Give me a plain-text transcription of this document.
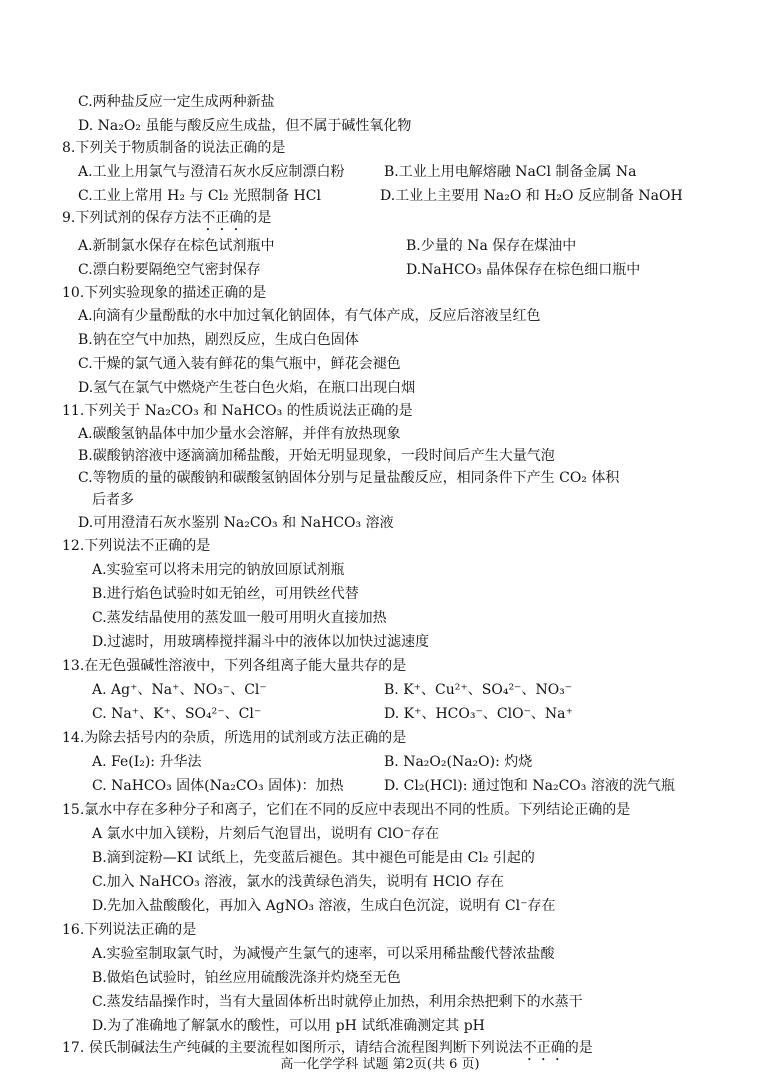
C.两种盐反应一定生成两种新盐
D. Na₂O₂ 虽能与酸反应生成盐，但不属于碱性氧化物
8.下列关于物质制备的说法正确的是
A.工业上用氯气与澄清石灰水反应制漂白粉	B.工业上用电解熔融 NaCl 制备金属 Na
C.工业上常用 H₂ 与 Cl₂ 光照制备 HCl	D.工业上主要用 Na₂O 和 H₂O 反应制备 NaOH
9.下列试剂的保存方法不正确的是
A.新制氯水保存在棕色试剂瓶中	B.少量的 Na 保存在煤油中
C.漂白粉要隔绝空气密封保存	D.NaHCO₃ 晶体保存在棕色细口瓶中
10.下列实验现象的描述正确的是
A.向滴有少量酚酞的水中加过氧化钠固体，有气体产成，反应后溶液呈红色
B.钠在空气中加热，剧烈反应，生成白色固体
C.干燥的氯气通入装有鲜花的集气瓶中，鲜花会褪色
D.氢气在氯气中燃烧产生苍白色火焰，在瓶口出现白烟
11.下列关于 Na₂CO₃ 和 NaHCO₃ 的性质说法正确的是
A.碳酸氢钠晶体中加少量水会溶解，并伴有放热现象
B.碳酸钠溶液中逐滴滴加稀盐酸，开始无明显现象，一段时间后产生大量气泡
C.等物质的量的碳酸钠和碳酸氢钠固体分别与足量盐酸反应，相同条件下产生 CO₂ 体积
后者多
D.可用澄清石灰水鉴别 Na₂CO₃ 和 NaHCO₃ 溶液
12.下列说法不正确的是
A.实验室可以将未用完的钠放回原试剂瓶
B.进行焰色试验时如无铂丝，可用铁丝代替
C.蒸发结晶使用的蒸发皿一般可用明火直接加热
D.过滤时，用玻璃棒搅拌漏斗中的液体以加快过滤速度
13.在无色强碱性溶液中，下列各组离子能大量共存的是
A. Ag⁺、Na⁺、NO₃⁻、Cl⁻	B. K⁺、Cu²⁺、SO₄²⁻、NO₃⁻
C. Na⁺、K⁺、SO₄²⁻、Cl⁻	D. K⁺、HCO₃⁻、ClO⁻、Na⁺
14.为除去括号内的杂质，所选用的试剂或方法正确的是
A. Fe(I₂): 升华法	B. Na₂O₂(Na₂O): 灼烧
C. NaHCO₃ 固体(Na₂CO₃ 固体)：加热	D. Cl₂(HCl): 通过饱和 Na₂CO₃ 溶液的洗气瓶
15.氯水中存在多种分子和离子，它们在不同的反应中表现出不同的性质。下列结论正确的是
A 氯水中加入镁粉，片刻后气泡冒出，说明有 ClO⁻存在
B.滴到淀粉—KI 试纸上，先变蓝后褪色。其中褪色可能是由 Cl₂ 引起的
C.加入 NaHCO₃ 溶液，氯水的浅黄绿色消失，说明有 HClO 存在
D.先加入盐酸酸化，再加入 AgNO₃ 溶液，生成白色沉淀，说明有 Cl⁻存在
16.下列说法正确的是
A.实验室制取氯气时，为减慢产生氯气的速率，可以采用稀盐酸代替浓盐酸
B.做焰色试验时，铂丝应用硫酸洗涤并灼烧至无色
C.蒸发结晶操作时，当有大量固体析出时就停止加热，利用余热把剩下的水蒸干
D.为了准确地了解氯水的酸性，可以用 pH 试纸准确测定其 pH
17. 侯氏制碱法生产纯碱的主要流程如图所示，请结合流程图判断下列说法不正确的是
高一化学学科 试题 第2页(共 6 页)
